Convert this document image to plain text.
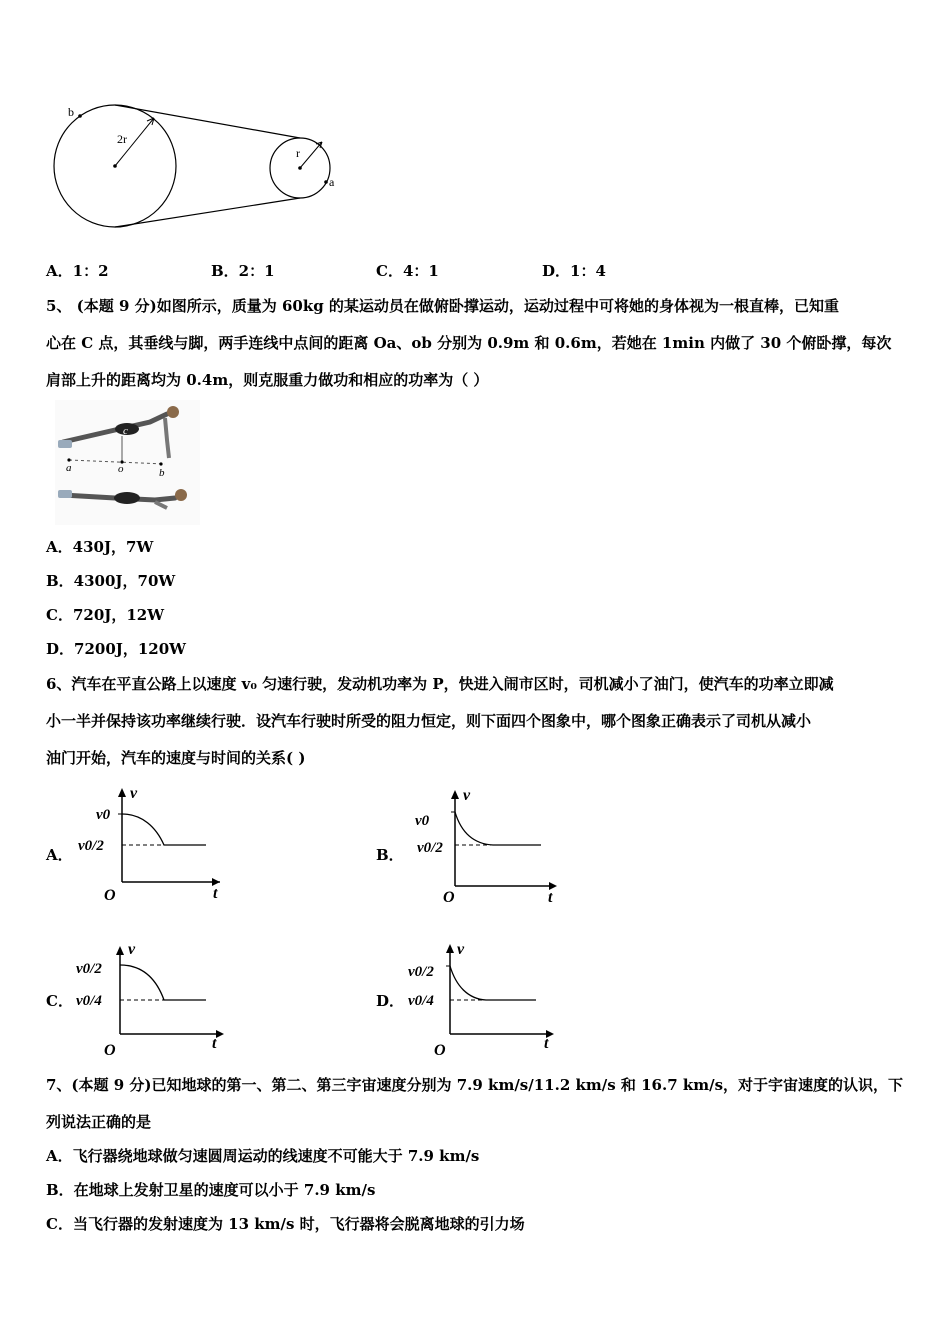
b
2r
r
a
A．1：2	B．2：1	C．4：1	D．1：4
5、 (本题 9 分)如图所示，质量为 60kg 的某运动员在做俯卧撑运动，运动过程中可将她的身体视为一根直棒，已知重
心在 C 点，其垂线与脚，两手连线中点间的距离 Oa、ob 分别为 0.9m 和 0.6m，若她在 1min 内做了 30 个俯卧撑，每次
肩部上升的距离均为 0.4m，则克服重力做功和相应的功率为（ ）
c
a	o	b
A．430J，7W
B．4300J，70W
C．720J，12W
D．7200J，120W
6、汽车在平直公路上以速度 v₀ 匀速行驶，发动机功率为 P，快进入闹市区时，司机减小了油门，使汽车的功率立即减
小一半并保持该功率继续行驶．设汽车行驶时所受的阻力恒定，则下面四个图象中，哪个图象正确表示了司机从减小
油门开始，汽车的速度与时间的关系( )
A．
v
t
O
v0
v0/2	B．
v
t
O
v0
v0/2
C．
v
t
O
v0/2
v0/4	D．
v
t
O
v0/2
v0/4
7、(本题 9 分)已知地球的第一、第二、第三宇宙速度分别为 7.9 km/s/11.2 km/s 和 16.7 km/s，对于宇宙速度的认识，下
列说法正确的是
A．飞行器绕地球做匀速圆周运动的线速度不可能大于 7.9 km/s
B．在地球上发射卫星的速度可以小于 7.9 km/s
C．当飞行器的发射速度为 13 km/s 时，飞行器将会脱离地球的引力场
